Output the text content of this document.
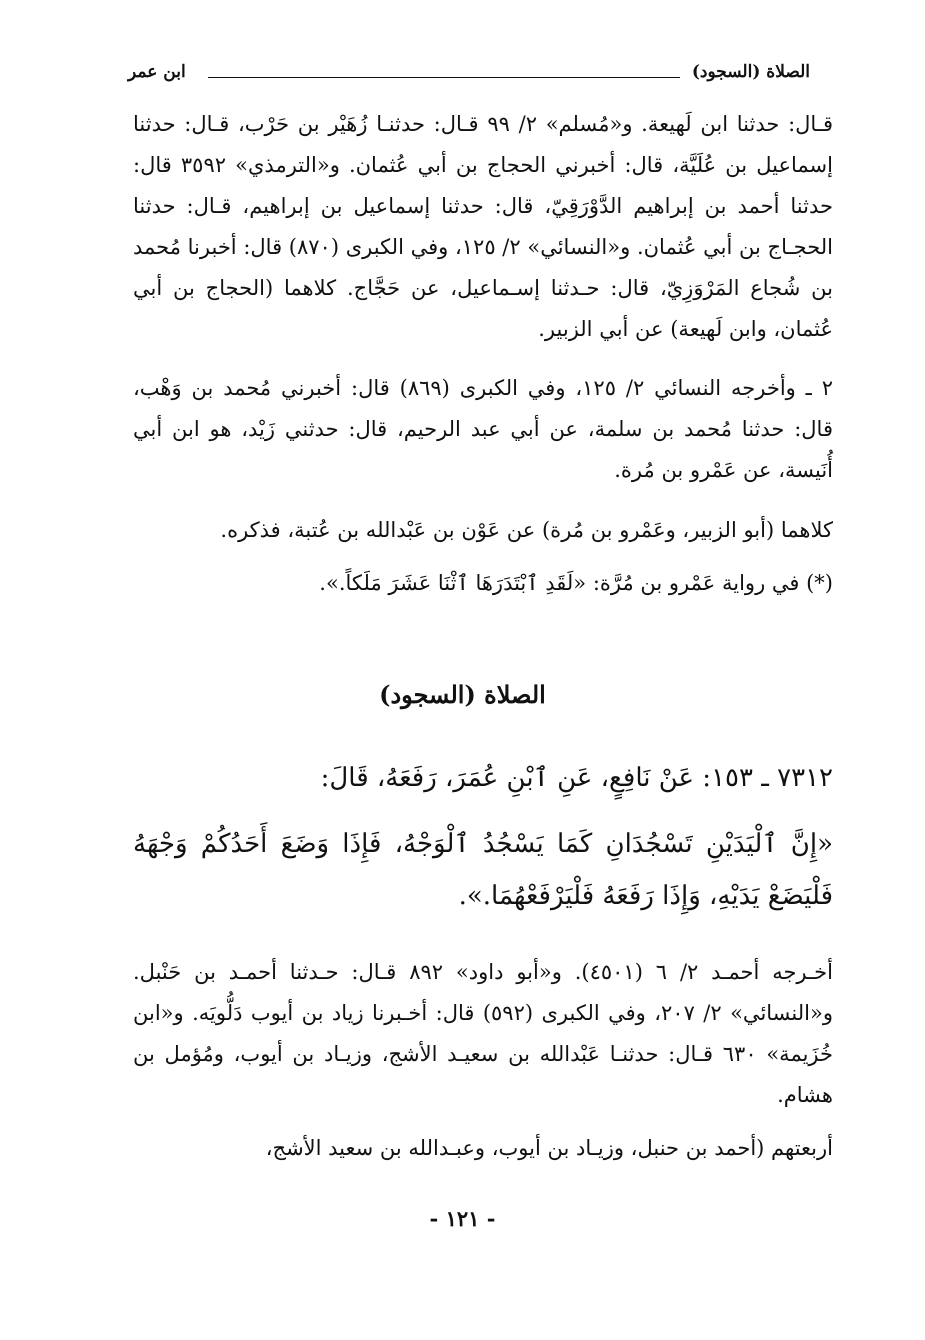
الصلاة (السجود)
ابن عمر

قـال: حدثنا ابن لَهيعة. و«مُسلم» ٢/ ٩٩ قـال: حدثنـا زُهَيْر بن حَرْب، قـال: حدثنا إسماعيل بن عُلَيَّة، قال: أخبرني الحجاج بن أبي عُثمان. و«الترمذي» ٣٥٩٢ قال: حدثنا أحمد بن إبراهيم الدَّوْرَقِيّ، قال: حدثنا إسماعيل بن إبراهيم، قـال: حدثنا الحجـاج بن أبي عُثمان. و«النسائي» ٢/ ١٢٥، وفي الكبرى (٨٧٠) قال: أخبرنا مُحمد بن شُجاع المَرْوَزِيّ، قال: حـدثنا إسـماعيل، عن حَجَّاج. كلاهما (الحجاج بن أبي عُثمان، وابن لَهيعة) عن أبي الزبير.

٢ ـ وأخرجه النسائي ٢/ ١٢٥، وفي الكبرى (٨٦٩) قال: أخبرني مُحمد بن وَهْب، قال: حدثنا مُحمد بن سلمة، عن أبي عبد الرحيم، قال: حدثني زَيْد، هو ابن أبي أُنَيسة، عن عَمْرو بن مُرة.

كلاهما (أبو الزبير، وعَمْرو بن مُرة) عن عَوْن بن عَبْدالله بن عُتبة، فذكره.

(*) في رواية عَمْرو بن مُرَّة: «لَقَدِ ٱبْتَدَرَهَا ٱثْنَا عَشَرَ مَلَكاً.».

الصلاة (السجود)

٧٣١٢ ـ ١٥٣: عَنْ نَافِعٍ، عَنِ ٱبْنِ عُمَرَ، رَفَعَهُ، قَالَ:

«إِنَّ ٱلْيَدَيْنِ تَسْجُدَانِ كَمَا يَسْجُدُ ٱلْوَجْهُ، فَإِذَا وَضَعَ أَحَدُكُمْ وَجْهَهُ فَلْيَضَعْ يَدَيْهِ، وَإِذَا رَفَعَهُ فَلْيَرْفَعْهُمَا.».

أخـرجه أحمـد ٢/ ٦ (٤٥٠١). و«أبو داود» ٨٩٢ قـال: حـدثنا أحمـد بن حَنْبل. و«النسائي» ٢/ ٢٠٧، وفي الكبرى (٥٩٢) قال: أخـبرنا زياد بن أيوب دَلُّويَه. و«ابن خُزَيمة» ٦٣٠ قـال: حدثنـا عَبْدالله بن سعيـد الأشج، وزيـاد بن أيوب، ومُؤمل بن هشام.

أربعتهم (أحمد بن حنبل، وزيـاد بن أيوب، وعبـدالله بن سعيد الأشج،

- ١٢١ -
